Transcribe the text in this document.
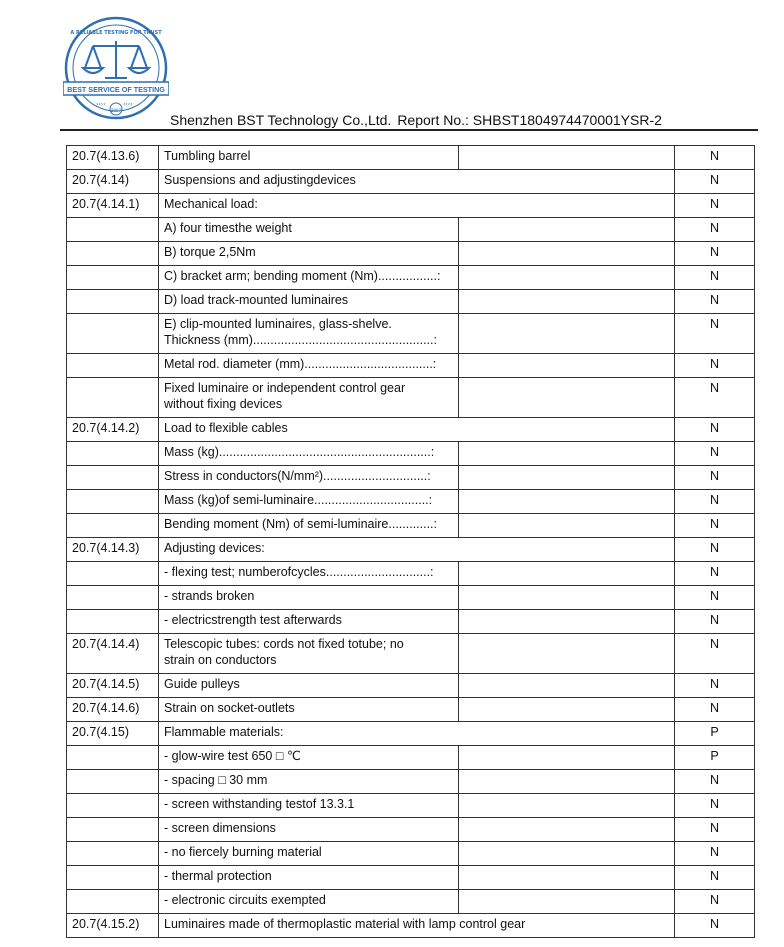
A RELIABLE TESTING FOR TRUST
BEST SERVICE OF TESTING
››››	‹‹‹‹
2007
Shenzhen BST Technology Co.,Ltd. Report No.: SHBST1804974470001YSR-2
20.7(4.13.6)	Tumbling barrel		N
20.7(4.14)	Suspensions and adjustingdevices		N
20.7(4.14.1)	Mechanical load:		N
	A) four timesthe weight		N
	B) torque 2,5Nm		N
	C) bracket arm; bending moment (Nm).................:		N
	D) load track-mounted luminaires		N
	E) clip-mounted luminaires, glass-shelve.
Thickness (mm)....................................................:		N
	Metal rod. diameter (mm).....................................:		N
	Fixed luminaire or independent control gear
without fixing devices		N
20.7(4.14.2)	Load to flexible cables		N
	Mass (kg).............................................................:		N
	Stress in conductors(N/mm²)..............................:		N
	Mass (kg)of semi-luminaire.................................:		N
	Bending moment (Nm) of semi-luminaire.............:		N
20.7(4.14.3)	Adjusting devices:		N
	- flexing test; numberofcycles..............................:		N
	- strands broken		N
	- electricstrength test afterwards		N
20.7(4.14.4)	Telescopic tubes: cords not fixed totube; no
strain on conductors		N
20.7(4.14.5)	Guide pulleys		N
20.7(4.14.6)	Strain on socket-outlets		N
20.7(4.15)	Flammable materials:		P
	- glow-wire test 650 □ ℃		P
	- spacing □ 30 mm		N
	- screen withstanding testof 13.3.1		N
	- screen dimensions		N
	- no fiercely burning material		N
	- thermal protection		N
	- electronic circuits exempted		N
20.7(4.15.2)	Luminaires made of thermoplastic material with lamp control gear		N
